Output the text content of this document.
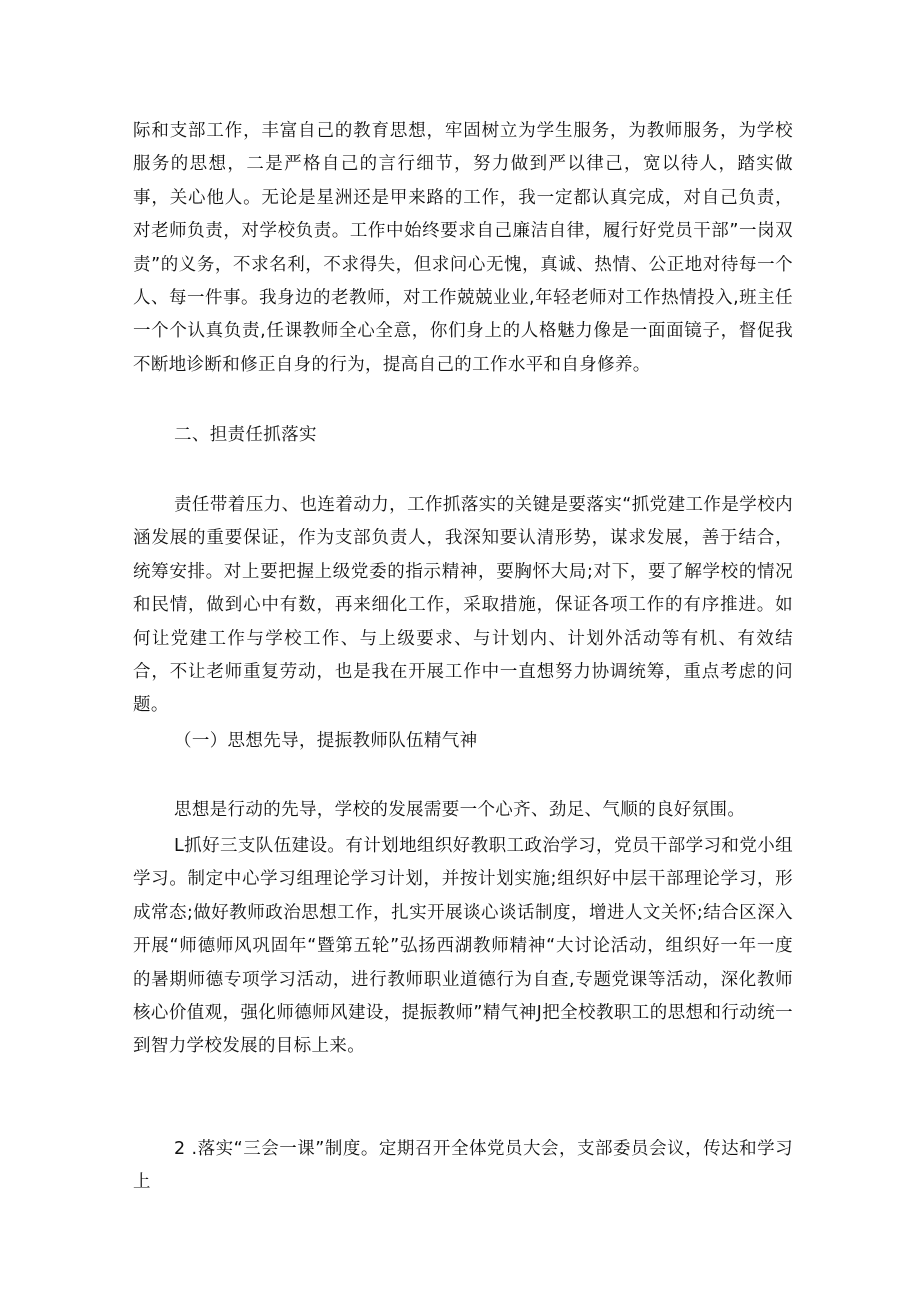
际和支部工作，丰富自己的教育思想，牢固树立为学生服务，为教师服务，为学校服务的思想，二是严格自己的言行细节，努力做到严以律己，宽以待人，踏实做事，关心他人。无论是星洲还是甲来路的工作，我一定都认真完成，对自己负责，对老师负责，对学校负责。工作中始终要求自己廉洁自律，履行好党员干部”一岗双责”的义务，不求名利，不求得失，但求问心无愧，真诚、热情、公正地对待每一个人、每一件事。我身边的老教师，对工作兢兢业业,年轻老师对工作热情投入,班主任一个个认真负责,任课教师全心全意，你们身上的人格魅力像是一面面镜子，督促我不断地诊断和修正自身的行为，提高自己的工作水平和自身修养。

二、担责任抓落实

责任带着压力、也连着动力，工作抓落实的关键是要落实“抓党建工作是学校内涵发展的重要保证，作为支部负责人，我深知要认清形势，谋求发展，善于结合，统筹安排。对上要把握上级党委的指示精神，要胸怀大局;对下，要了解学校的情况和民情，做到心中有数，再来细化工作，采取措施，保证各项工作的有序推进。如何让党建工作与学校工作、与上级要求、与计划内、计划外活动等有机、有效结合，不让老师重复劳动，也是我在开展工作中一直想努力协调统筹，重点考虑的问题。

（一）思想先导，提振教师队伍精气神

思想是行动的先导，学校的发展需要一个心齐、劲足、气顺的良好氛围。

L抓好三支队伍建设。有计划地组织好教职工政治学习，党员干部学习和党小组学习。制定中心学习组理论学习计划，并按计划实施;组织好中层干部理论学习，形成常态;做好教师政治思想工作，扎实开展谈心谈话制度，增进人文关怀;结合区深入开展“师德师风巩固年“暨第五轮”弘扬西湖教师精神“大讨论活动，组织好一年一度的暑期师德专项学习活动，进行教师职业道德行为自查,专题党课等活动，深化教师核心价值观，强化师德师风建设，提振教师”精气神J把全校教职工的思想和行动统一到智力学校发展的目标上来。

2 .落实“三会一课”制度。定期召开全体党员大会，支部委员会议，传达和学习上
